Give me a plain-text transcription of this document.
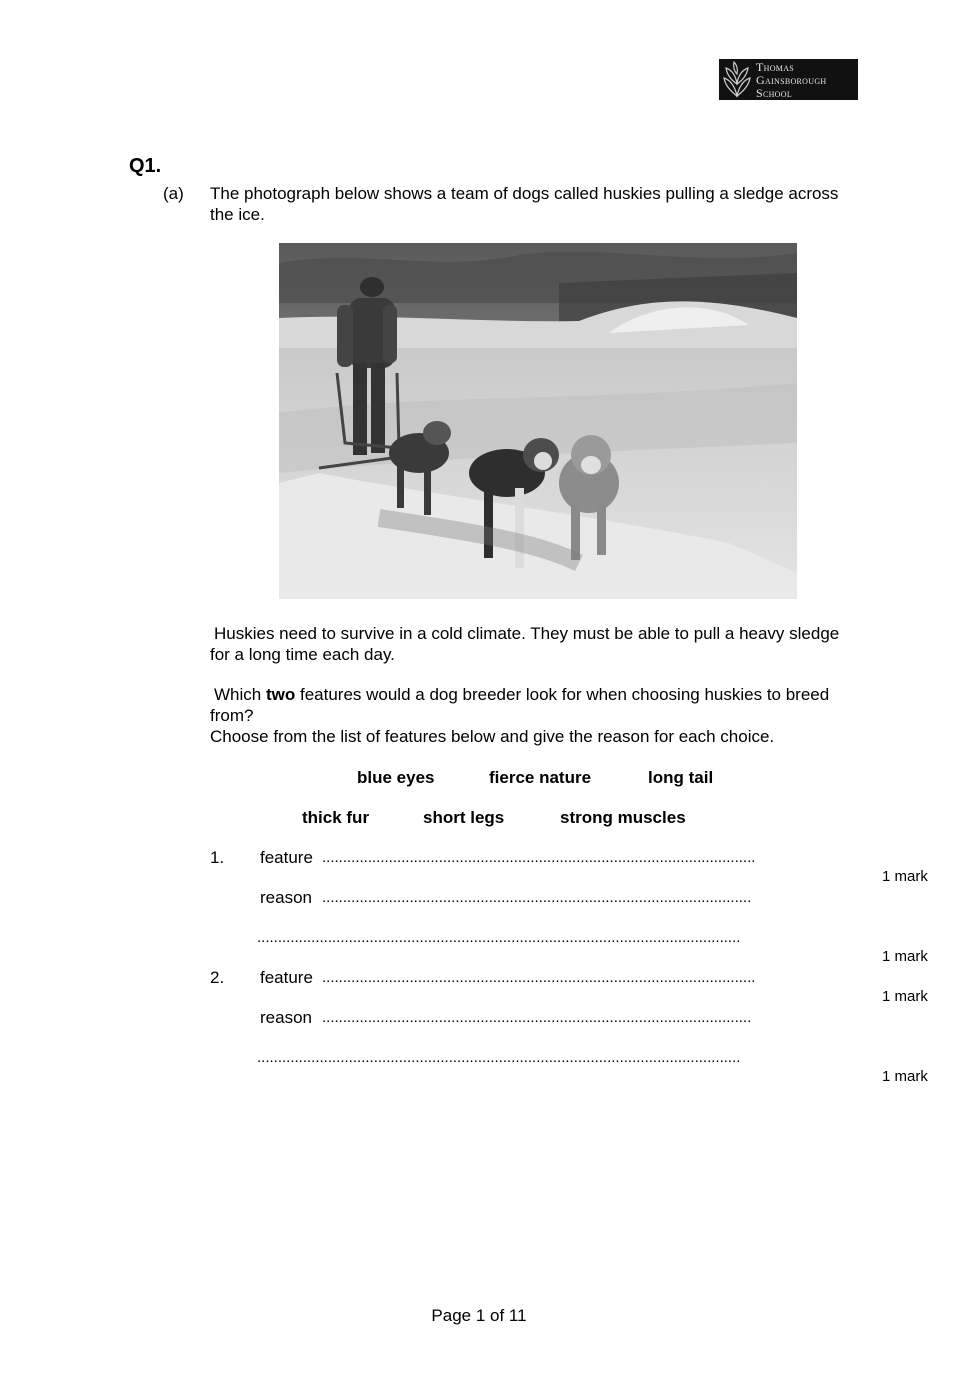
Thomas
Gainsborough
School
Q1.
(a) The photograph below shows a team of dogs called huskies pulling a sledge across
the ice.
Huskies need to survive in a cold climate. They must be able to pull a heavy sledge
for a long time each day.
Which two features would a dog breeder look for when choosing huskies to breed
from?
Choose from the list of features below and give the reason for each choice.
blue eyes	fierce nature	long tail
thick fur	short legs	strong muscles
1. feature ........................................................................................................
1 mark
reason .......................................................................................................
....................................................................................................................
1 mark
2. feature ........................................................................................................
1 mark
reason .......................................................................................................
....................................................................................................................
1 mark
Page 1 of 11
